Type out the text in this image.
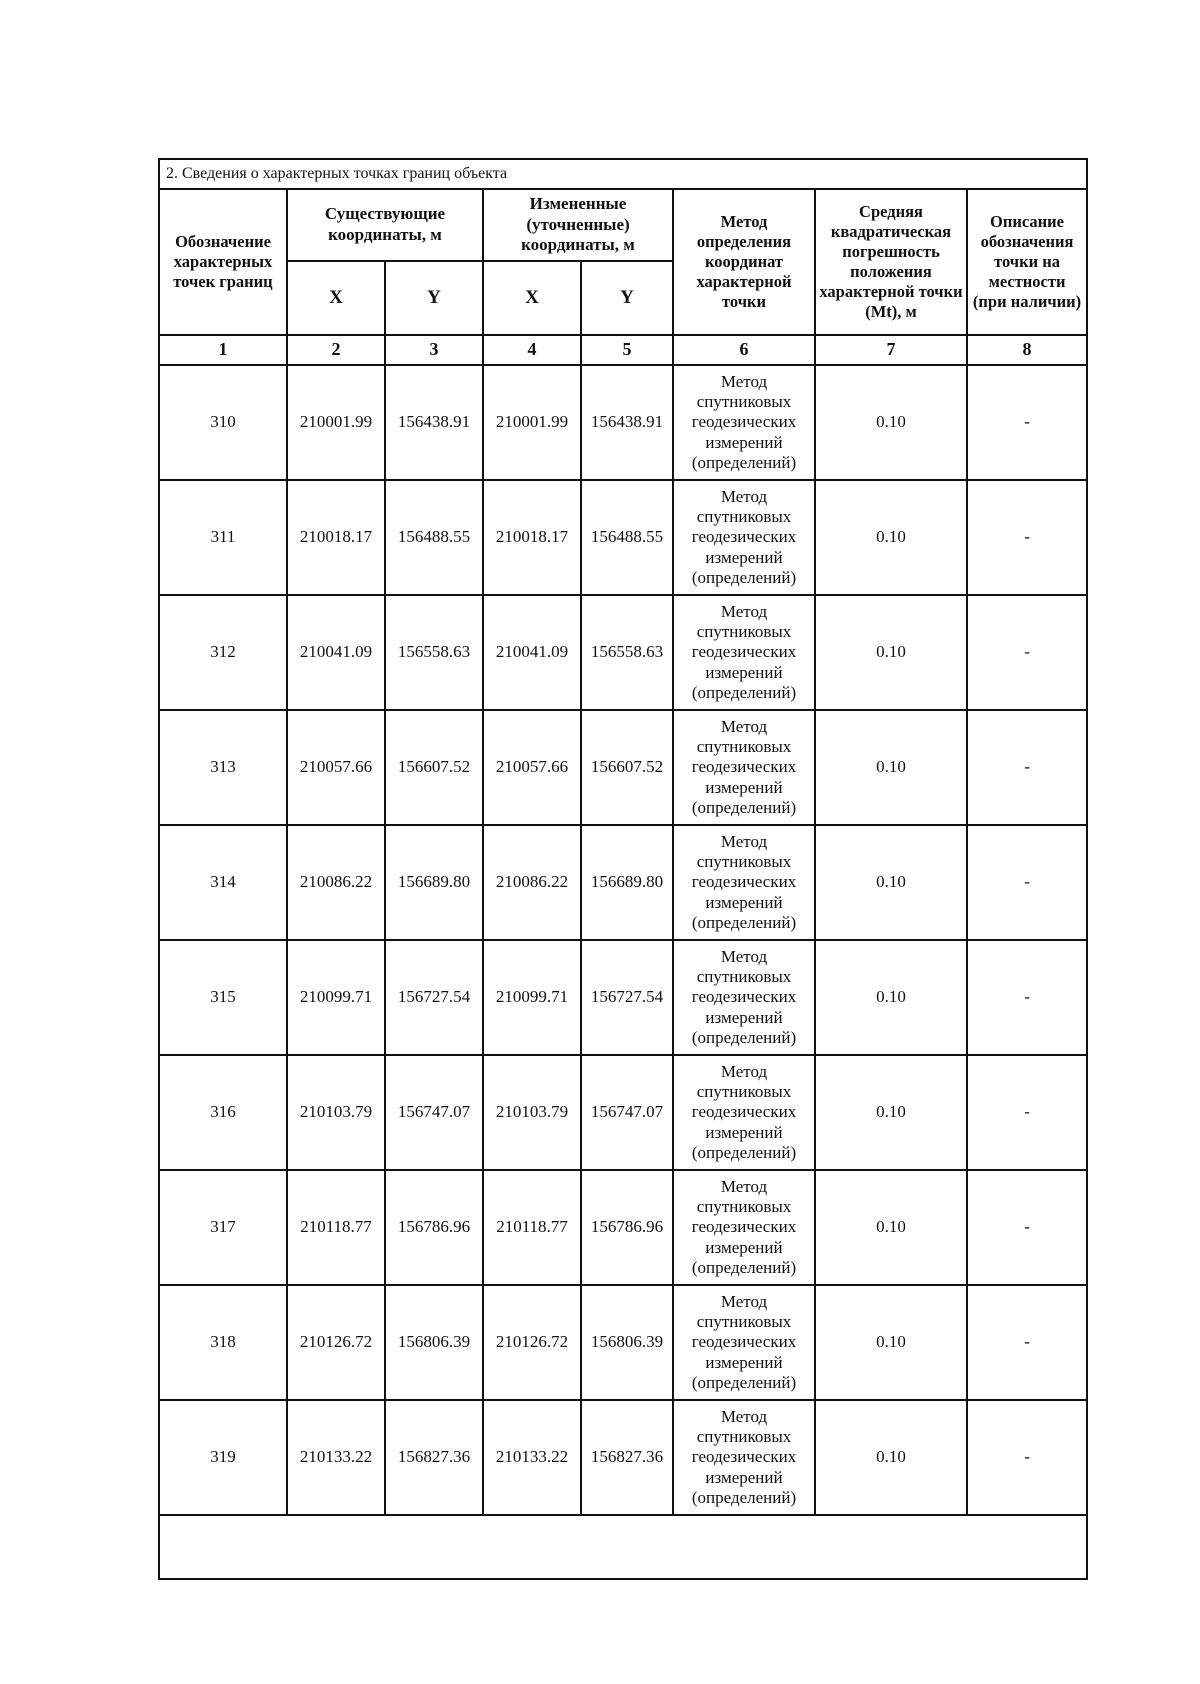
2. Сведения о характерных точках границ объекта							
Обозначение характерных точек границ	Существующие координаты, м		Измененные (уточненные) координаты, м		Метод определения координат характерной точки	Средняя квадратическая погрешность положения характерной точки (Mt), м	Описание обозначения точки на местности (при наличии)
	X	Y	X	Y			
1	2	3	4	5	6	7	8
310	210001.99	156438.91	210001.99	156438.91	Метод спутниковых геодезических измерений (определений)	0.10	-
311	210018.17	156488.55	210018.17	156488.55	Метод спутниковых геодезических измерений (определений)	0.10	-
312	210041.09	156558.63	210041.09	156558.63	Метод спутниковых геодезических измерений (определений)	0.10	-
313	210057.66	156607.52	210057.66	156607.52	Метод спутниковых геодезических измерений (определений)	0.10	-
314	210086.22	156689.80	210086.22	156689.80	Метод спутниковых геодезических измерений (определений)	0.10	-
315	210099.71	156727.54	210099.71	156727.54	Метод спутниковых геодезических измерений (определений)	0.10	-
316	210103.79	156747.07	210103.79	156747.07	Метод спутниковых геодезических измерений (определений)	0.10	-
317	210118.77	156786.96	210118.77	156786.96	Метод спутниковых геодезических измерений (определений)	0.10	-
318	210126.72	156806.39	210126.72	156806.39	Метод спутниковых геодезических измерений (определений)	0.10	-
319	210133.22	156827.36	210133.22	156827.36	Метод спутниковых геодезических измерений (определений)	0.10	-
